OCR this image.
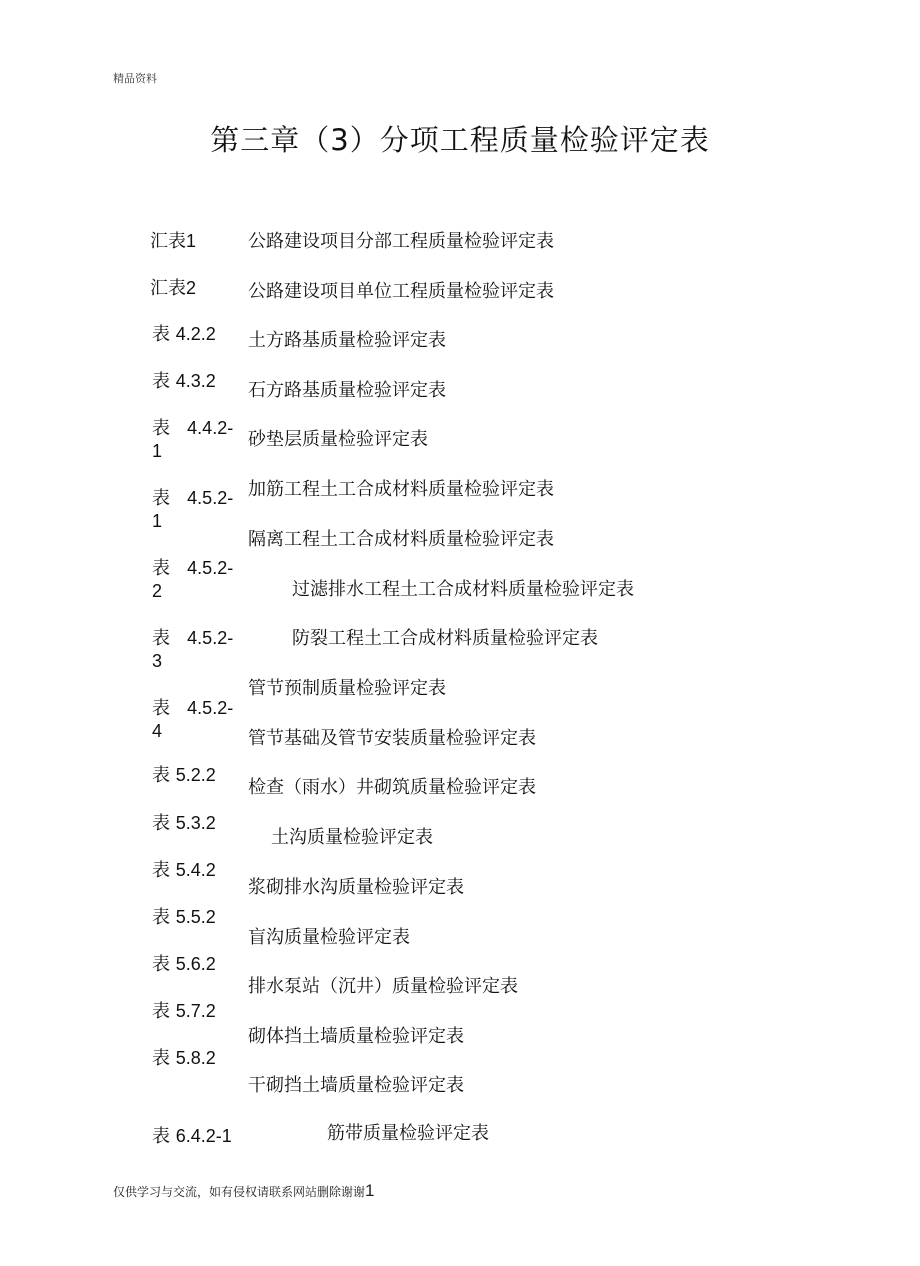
精品资料
第三章（3）分项工程质量检验评定表
汇表1
汇表2
表 4.2.2
表 4.3.2
表 4.4.2-
1
表 4.5.2-
1
表 4.5.2-
2
表 4.5.2-
3
表 4.5.2-
4
表 5.2.2
表 5.3.2
表 5.4.2
表 5.5.2
表 5.6.2
表 5.7.2
表 5.8.2
表 6.4.2-1
公路建设项目分部工程质量检验评定表
公路建设项目单位工程质量检验评定表
土方路基质量检验评定表
石方路基质量检验评定表
砂垫层质量检验评定表
加筋工程土工合成材料质量检验评定表
隔离工程土工合成材料质量检验评定表
过滤排水工程土工合成材料质量检验评定表
防裂工程土工合成材料质量检验评定表
管节预制质量检验评定表
管节基础及管节安装质量检验评定表
检查（雨水）井砌筑质量检验评定表
土沟质量检验评定表
浆砌排水沟质量检验评定表
盲沟质量检验评定表
排水泵站（沉井）质量检验评定表
砌体挡土墙质量检验评定表
干砌挡土墙质量检验评定表
筋带质量检验评定表
仅供学习与交流，如有侵权请联系网站删除谢谢1
